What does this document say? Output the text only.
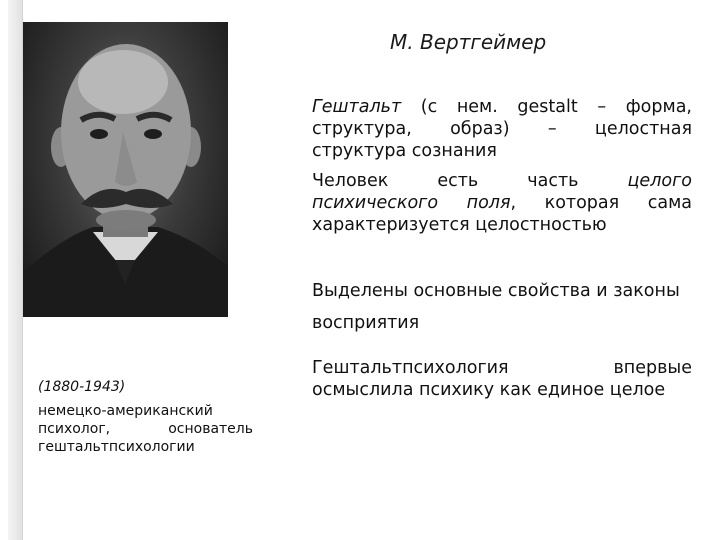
М. Вертгеймер
Гештальт (с нем. gestalt – форма, структура, образ) – целостная структура сознания
Человек есть часть целого психического поля, которая сама характеризуется целостностью
Выделены основные свойства и законы восприятия
Гештальтпсихология впервые осмыслила психику как единое целое
(1880-1943)
немецко-американский психолог, основатель гештальтпсихологии
